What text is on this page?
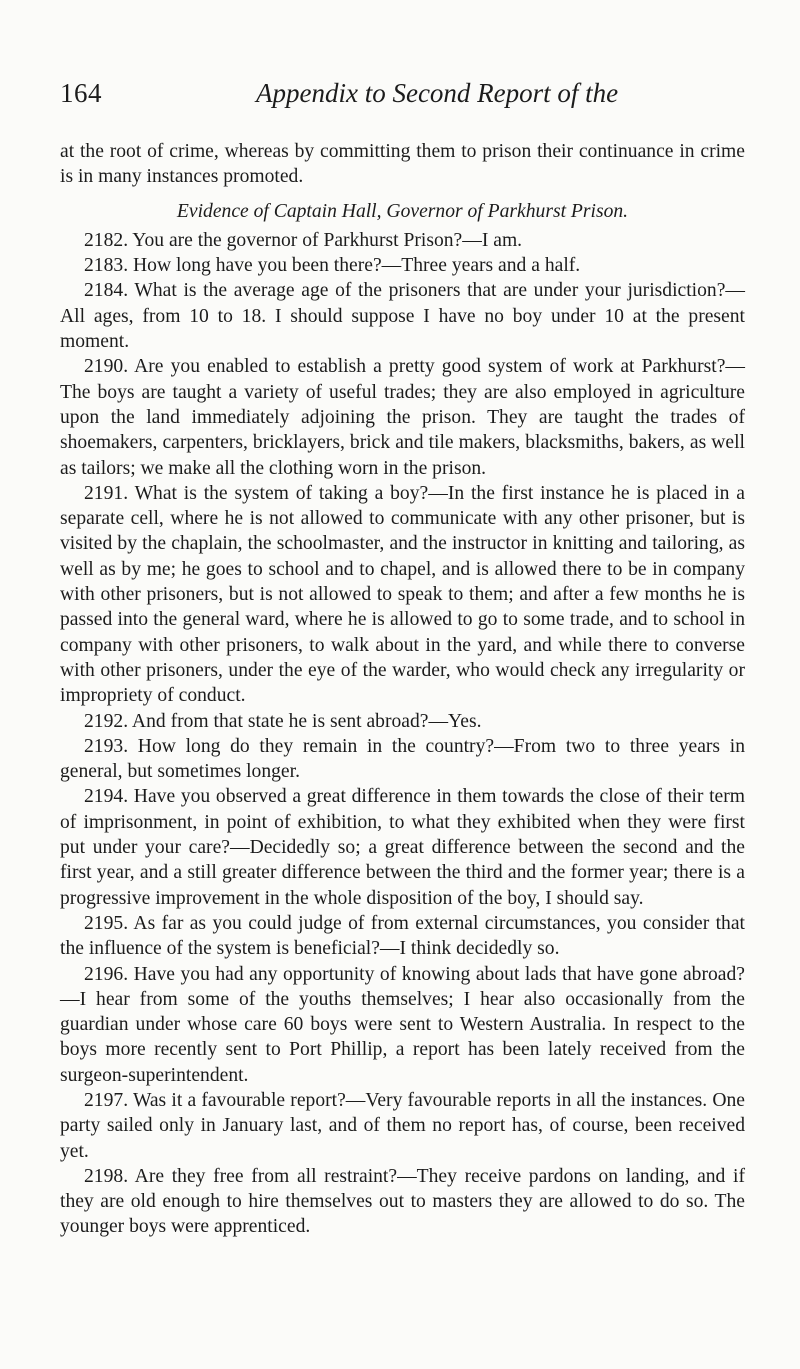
164	Appendix to Second Report of the

at the root of crime, whereas by committing them to prison their continuance in crime is in many instances promoted.

Evidence of Captain Hall, Governor of Parkhurst Prison.

2182. You are the governor of Parkhurst Prison?—I am.

2183. How long have you been there?—Three years and a half.

2184. What is the average age of the prisoners that are under your jurisdiction?—All ages, from 10 to 18. I should suppose I have no boy under 10 at the present moment.

2190. Are you enabled to establish a pretty good system of work at Parkhurst?—The boys are taught a variety of useful trades; they are also employed in agriculture upon the land immediately adjoining the prison. They are taught the trades of shoemakers, carpenters, bricklayers, brick and tile makers, blacksmiths, bakers, as well as tailors; we make all the clothing worn in the prison.

2191. What is the system of taking a boy?—In the first instance he is placed in a separate cell, where he is not allowed to communicate with any other prisoner, but is visited by the chaplain, the schoolmaster, and the instructor in knitting and tailoring, as well as by me; he goes to school and to chapel, and is allowed there to be in company with other prisoners, but is not allowed to speak to them; and after a few months he is passed into the general ward, where he is allowed to go to some trade, and to school in company with other prisoners, to walk about in the yard, and while there to converse with other prisoners, under the eye of the warder, who would check any irregularity or impropriety of conduct.

2192. And from that state he is sent abroad?—Yes.

2193. How long do they remain in the country?—From two to three years in general, but sometimes longer.

2194. Have you observed a great difference in them towards the close of their term of imprisonment, in point of exhibition, to what they exhibited when they were first put under your care?—Decidedly so; a great difference between the second and the first year, and a still greater difference between the third and the former year; there is a progressive improvement in the whole disposition of the boy, I should say.

2195. As far as you could judge of from external circumstances, you consider that the influence of the system is beneficial?—I think decidedly so.

2196. Have you had any opportunity of knowing about lads that have gone abroad?—I hear from some of the youths themselves; I hear also occasionally from the guardian under whose care 60 boys were sent to Western Australia. In respect to the boys more recently sent to Port Phillip, a report has been lately received from the surgeon-superintendent.

2197. Was it a favourable report?—Very favourable reports in all the instances. One party sailed only in January last, and of them no report has, of course, been received yet.

2198. Are they free from all restraint?—They receive pardons on landing, and if they are old enough to hire themselves out to masters they are allowed to do so. The younger boys were apprenticed.
